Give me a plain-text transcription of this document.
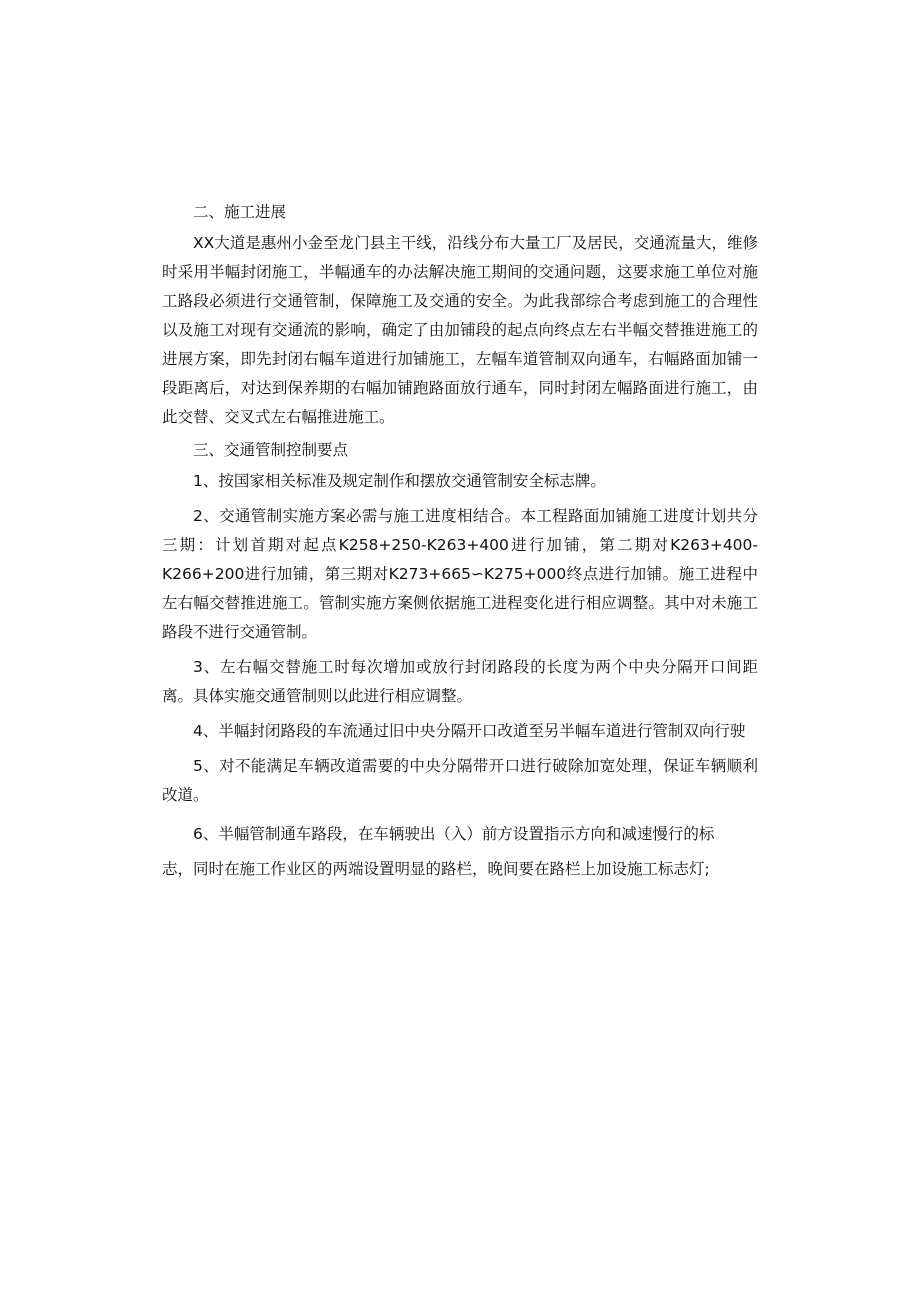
二、施工进展

XX大道是惠州小金至龙门县主干线，沿线分布大量工厂及居民，交通流量大，维修时采用半幅封闭施工，半幅通车的办法解决施工期间的交通问题，这要求施工单位对施工路段必须进行交通管制，保障施工及交通的安全。为此我部综合考虑到施工的合理性以及施工对现有交通流的影响，确定了由加铺段的起点向终点左右半幅交替推进施工的进展方案，即先封闭右幅车道进行加铺施工，左幅车道管制双向通车，右幅路面加铺一段距离后，对达到保养期的右幅加铺跑路面放行通车，同时封闭左幅路面进行施工，由此交替、交叉式左右幅推进施工。

三、交通管制控制要点

1、按国家相关标准及规定制作和摆放交通管制安全标志牌。

2、交通管制实施方案必需与施工进度相结合。本工程路面加铺施工进度计划共分三期：计划首期对起点K258+250-K263+400进行加铺，第二期对K263+400-K266+200进行加铺，第三期对K273+665∽K275+000终点进行加铺。施工进程中左右幅交替推进施工。管制实施方案侧依据施工进程变化进行相应调整。其中对未施工路段不进行交通管制。

3、左右幅交替施工时每次增加或放行封闭路段的长度为两个中央分隔开口间距离。具体实施交通管制则以此进行相应调整。

4、半幅封闭路段的车流通过旧中央分隔开口改道至另半幅车道进行管制双向行驶

5、对不能满足车辆改道需要的中央分隔带开口进行破除加宽处理，保证车辆顺利改道。

6、半幅管制通车路段，在车辆驶出（入）前方设置指示方向和减速慢行的标

志，同时在施工作业区的两端设置明显的路栏，晚间要在路栏上加设施工标志灯;
